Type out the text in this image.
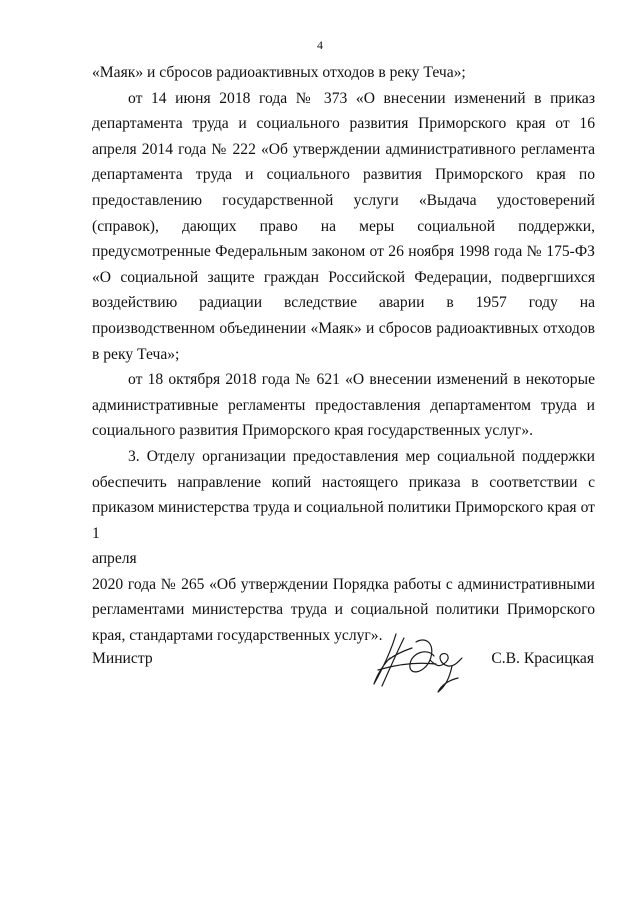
4

«Маяк» и сбросов радиоактивных отходов в реку Теча»;

от 14 июня 2018 года № 373 «О внесении изменений в приказ департамента труда и социального развития Приморского края от 16 апреля 2014 года № 222 «Об утверждении административного регламента департамента труда и социального развития Приморского края по предоставлению государственной услуги «Выдача удостоверений (справок), дающих право на меры социальной поддержки, предусмотренные Федеральным законом от 26 ноября 1998 года № 175-ФЗ «О социальной защите граждан Российской Федерации, подвергшихся воздействию радиации вследствие аварии в 1957 году на производственном объединении «Маяк» и сбросов радиоактивных отходов в реку Теча»;

от 18 октября 2018 года № 621 «О внесении изменений в некоторые административные регламенты предоставления департаментом труда и социального развития Приморского края государственных услуг».

3. Отделу организации предоставления мер социальной поддержки обеспечить направление копий настоящего приказа в соответствии с приказом министерства труда и социальной политики Приморского края от 1

апреля

2020 года № 265 «Об утверждении Порядка работы с административными регламентами министерства труда и социальной политики Приморского края, стандартами государственных услуг».

Министр	С.В. Красицкая
